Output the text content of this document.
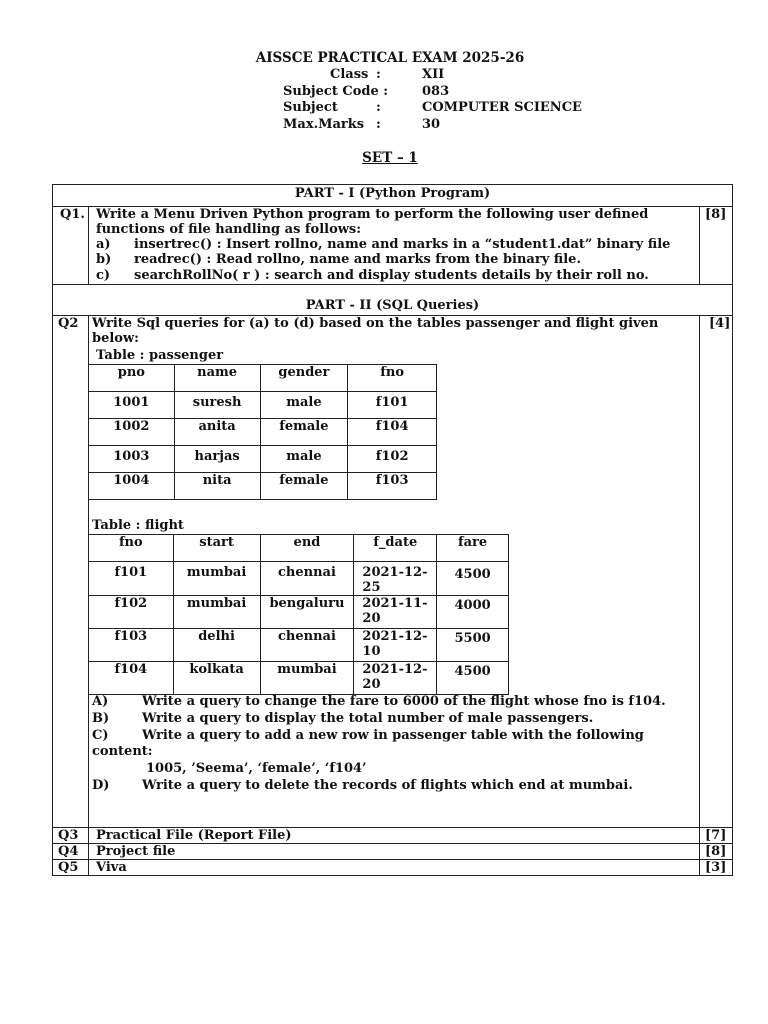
AISSCE PRACTICAL EXAM 2025-26
Class :	XII
Subject Code :	083
Subject	:	COMPUTER SCIENCE
Max.Marks :	30
SET – 1
PART - I (Python Program)
Q1.	[8]
Write a Menu Driven Python program to perform the following user defined
functions of file handling as follows:
a) insertrec() : Insert rollno, name and marks in a “student1.dat” binary file
b) readrec() : Read rollno, name and marks from the binary file.
c) searchRollNo( r ) : search and display students details by their roll no.
PART - II (SQL Queries)
Q2	[4]
Write Sql queries for (a) to (d) based on the tables passenger and flight given
below:
Table : passenger
pno	name	gender	fno
1001	suresh	male	f101
1002	anita	female	f104
1003	harjas	male	f102
1004	nita	female	f103
Table : flight
fno	start	end	f_date	fare
f101	mumbai	chennai	2021-12-
25	4500
f102	mumbai	bengaluru	2021-11-
20	4000
f103	delhi	chennai	2021-12-
10	5500
f104	kolkata	mumbai	2021-12-
20	4500
A)	Write a query to change the fare to 6000 of the flight whose fno is f104.
B)	Write a query to display the total number of male passengers.
C)	Write a query to add a new row in passenger table with the following
content:
1005, ’Seema’, ‘female’, ‘f104’
D)	Write a query to delete the records of flights which end at mumbai.
Q3 Practical File (Report File)	[7]
Q4 Project file	[8]
Q5 Viva	[3]
